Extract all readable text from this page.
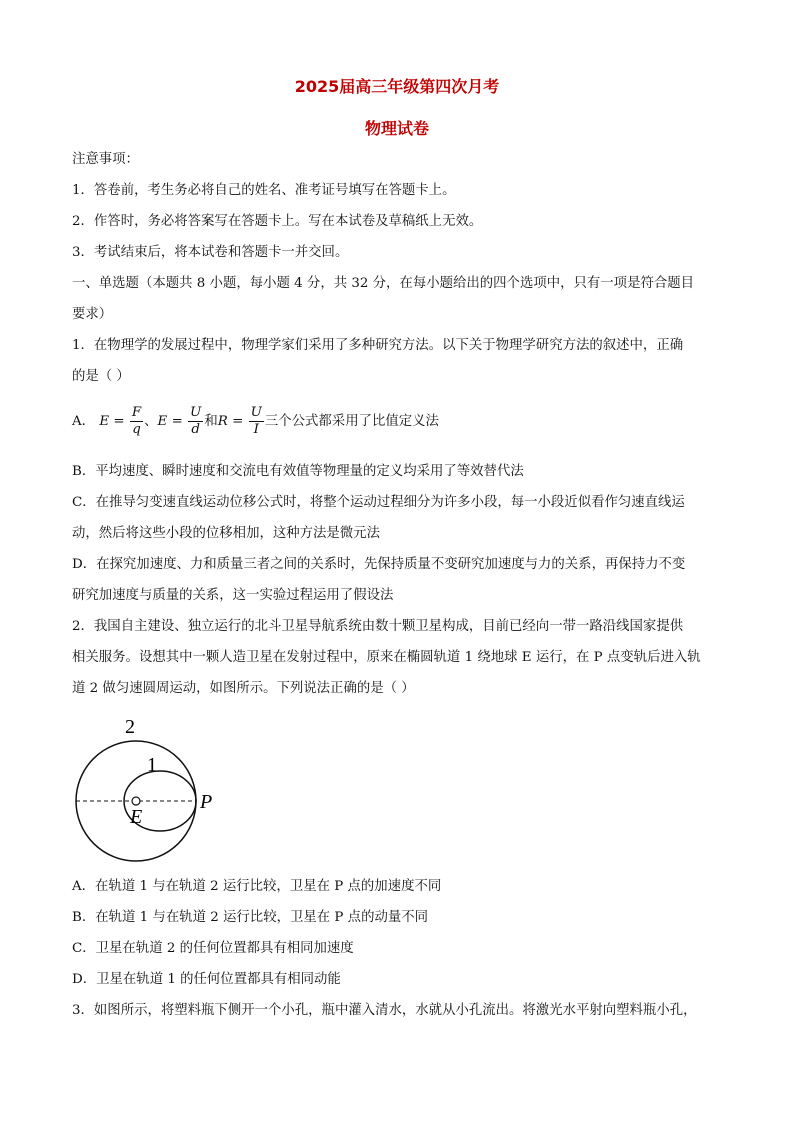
2025届高三年级第四次月考
物理试卷
注意事项：
1．答卷前，考生务必将自己的姓名、准考证号填写在答题卡上。
2．作答时，务必将答案写在答题卡上。写在本试卷及草稿纸上无效。
3．考试结束后，将本试卷和答题卡一并交回。
一、单选题（本题共 8 小题，每小题 4 分，共 32 分，在每小题给出的四个选项中，只有一项是符合题目
要求）
1．在物理学的发展过程中，物理学家们采用了多种研究方法。以下关于物理学研究方法的叙述中，正确
的是（ ）
A． $E = \frac{F}{q}$ 、$E = \frac{U}{d}$ 和$R = \frac{U}{I}$ 三个公式都采用了比值定义法
B．平均速度、瞬时速度和交流电有效值等物理量的定义均采用了等效替代法
C．在推导匀变速直线运动位移公式时，将整个运动过程细分为许多小段，每一小段近似看作匀速直线运
动，然后将这些小段的位移相加，这种方法是微元法
D．在探究加速度、力和质量三者之间的关系时，先保持质量不变研究加速度与力的关系，再保持力不变
研究加速度与质量的关系，这一实验过程运用了假设法
2．我国自主建设、独立运行的北斗卫星导航系统由数十颗卫星构成，目前已经向一带一路沿线国家提供
相关服务。设想其中一颗人造卫星在发射过程中，原来在椭圆轨道 1 绕地球 E 运行，在 P 点变轨后进入轨
道 2 做匀速圆周运动，如图所示。下列说法正确的是（ ）
2
1
E
P
A．在轨道 1 与在轨道 2 运行比较，卫星在 P 点的加速度不同
B．在轨道 1 与在轨道 2 运行比较，卫星在 P 点的动量不同
C．卫星在轨道 2 的任何位置都具有相同加速度
D．卫星在轨道 1 的任何位置都具有相同动能
3．如图所示，将塑料瓶下侧开一个小孔，瓶中灌入清水，水就从小孔流出。将激光水平射向塑料瓶小孔，
